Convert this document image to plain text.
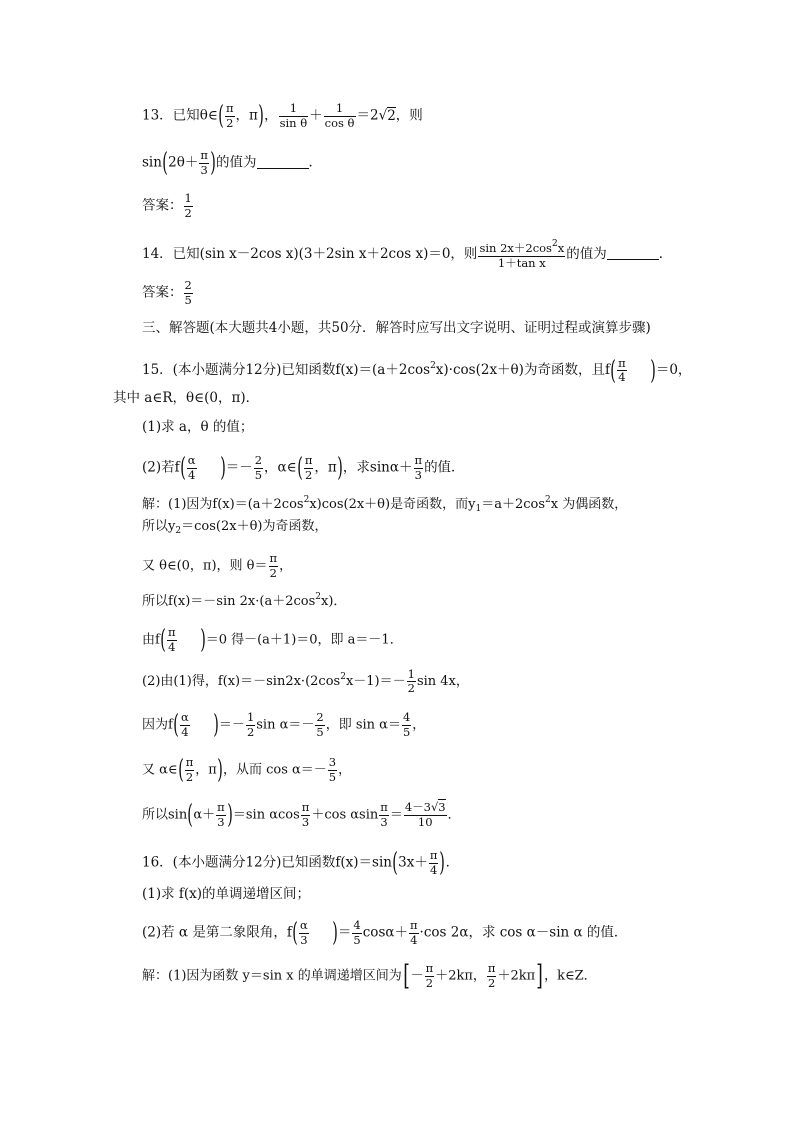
13．已知θ∈( $\frac{\pi}{2}$ ，π)， $\frac{1}{\text{sin θ}} + \frac{1}{\text{cos θ}} =2√2$，则
$\sin(2\theta+ \frac{\pi}{3}$ )的值为	．
答案： $\frac{1}{2}$
14．已知(sin x－2cos x)(3＋2sin x＋2cos x)＝0，则 $\frac{\sin 2x+2\cos^2x}{\text{1＋tan x}}$ 的值为	．
答案： $\frac{2}{5}$
三、解答题(本大题共4小题，共50分．解答时应写出文字说明、证明过程或演算步骤)
15．(本小题满分12分)已知函数$f(x)=(a+2\cos^2x)\cdot\cos(2x+\theta)$为奇函数，且$f( \frac{\pi}{4} )=0$，
其中 a∈R，θ∈(0，π)．
(1)求 a，θ 的值；
(2)若$f( \frac{\alpha}{4}$ )＝－ $\frac{2}{5}$ ，α∈( $\frac{\pi}{2}$ ，π)，求$\sin\alpha+ \frac{\pi}{3}$ 的值．
解：(1)因为$f(x)=(a+2\cos^2x)\cos(2x+\theta)$是奇函数，而$y_1=a+2\cos^2x$ 为偶函数，
所以$y_2=\cos(2x+\theta)$为奇函数，
又 θ∈(0，π)，则 $\theta= \frac{\pi}{2}$ ，
所以f(x)＝－sin $2x\cdot(a+2\cos^2x)$．
由$f( \frac{\pi}{4} )=0$ 得－(a＋1)＝0，即 a＝－1．
(2)由(1)得，$f(x)=-\sin 2x\cdot(2\cos^2x-1)=- \frac{1}{2}$ sin 4x，
因为$f( \frac{\alpha}{4}$ )＝－ $\frac{1}{2}$ $\sin \alpha=- \frac{2}{5}$ ，即 $\sin \alpha= \frac{4}{5}$ ，
又 α∈( $\frac{\pi}{2}$ ，π)，从而 $\cos \alpha=- \frac{3}{5}$ ，
所以$\sin(\alpha+ \frac{\pi}{3} )=\sin$ αcos $\frac{\pi}{3} +\cos$ αsin $\frac{\pi}{3} = \frac{4-3√3}{10}$ ．
16．(本小题满分12分)已知函数$f(x)=\sin(3x+ \frac{\pi}{4}$ )．
(1)求 f(x)的单调递增区间；
(2)若 α 是第二象限角，$f( \frac{\alpha}{3}$ )＝ $\frac{4}{5} \cos\alpha+ \frac{\pi}{4} \cdot\cos$ 2α，求 cos α－sin α 的值．
解：(1)因为函数 y＝sin x 的单调递增区间为[－ $\frac{\pi}{2} +2k\pi$， $\frac{\pi}{2} +2k\pi$]，k∈Z．
